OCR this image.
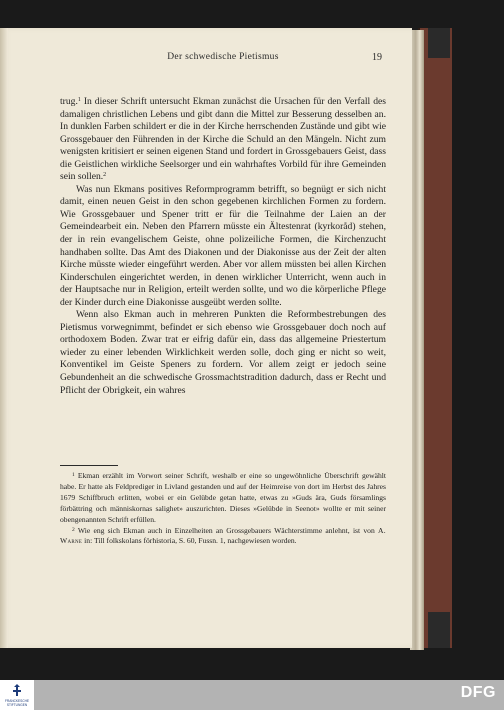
Der schwedische Pietismus	19

trug.$^1$ In dieser Schrift untersucht Ekman zunächst die Ursachen für den Verfall des damaligen christlichen Lebens und gibt dann die Mittel zur Besserung desselben an. In dunklen Farben schildert er die in der Kirche herrschenden Zustände und gibt wie Grossgebauer den Führenden in der Kirche die Schuld an den Mängeln. Nicht zum wenigsten kritisiert er seinen eigenen Stand und fordert in Grossgebauers Geist, dass die Geistlichen wirkliche Seelsorger und ein wahrhaftes Vorbild für ihre Gemeinden sein sollen.$^2$

Was nun Ekmans positives Reformprogramm betrifft, so begnügt er sich nicht damit, einen neuen Geist in den schon gegebenen kirchlichen Formen zu fordern. Wie Grossgebauer und Spener tritt er für die Teilnahme der Laien an der Gemeindearbeit ein. Neben den Pfarrern müsste ein Ältestenrat (kyrkoråd) stehen, der in rein evangelischem Geiste, ohne polizeiliche Formen, die Kirchenzucht handhaben sollte. Das Amt des Diakonen und der Diakonisse aus der Zeit der alten Kirche müsste wieder eingeführt werden. Aber vor allem müssten bei allen Kirchen Kinderschulen eingerichtet werden, in denen wirklicher Unterricht, wenn auch in der Hauptsache nur in Religion, erteilt werden sollte, und wo die körperliche Pflege der Kinder durch eine Diakonisse ausgeübt werden sollte.

Wenn also Ekman auch in mehreren Punkten die Reformbestrebungen des Pietismus vorwegnimmt, befindet er sich ebenso wie Grossgebauer doch noch auf orthodoxem Boden. Zwar trat er eifrig dafür ein, dass das allgemeine Priestertum wieder zu einer lebenden Wirklichkeit werden solle, doch ging er nicht so weit, Konventikel im Geiste Speners zu fordern. Vor allem zeigt er jedoch seine Gebundenheit an die schwedische Grossmachtstradition dadurch, dass er Recht und Pflicht der Obrigkeit, ein wahres

$^1$ Ekman erzählt im Vorwort seiner Schrift, weshalb er eine so ungewöhnliche Überschrift gewählt habe. Er hatte als Feldprediger in Livland gestanden und auf der Heimreise von dort im Herbst des Jahres 1679 Schiffbruch erlitten, wobei er ein Gelübde getan hatte, etwas zu »Guds ära, Guds församlings förbättring och människornas salighet» auszurichten. Dieses »Gelübde in Seenot» wollte er mit seiner obengenannten Schrift erfüllen.

$^2$ Wie eng sich Ekman auch in Einzelheiten an Grossgebauers Wächterstimme anlehnt, ist von A. Warne in: Till folkskolans förhistoria, S. 60, Fussn. 1, nachgewiesen worden.

FRANCKESCHE
STIFTUNGEN
DFG
